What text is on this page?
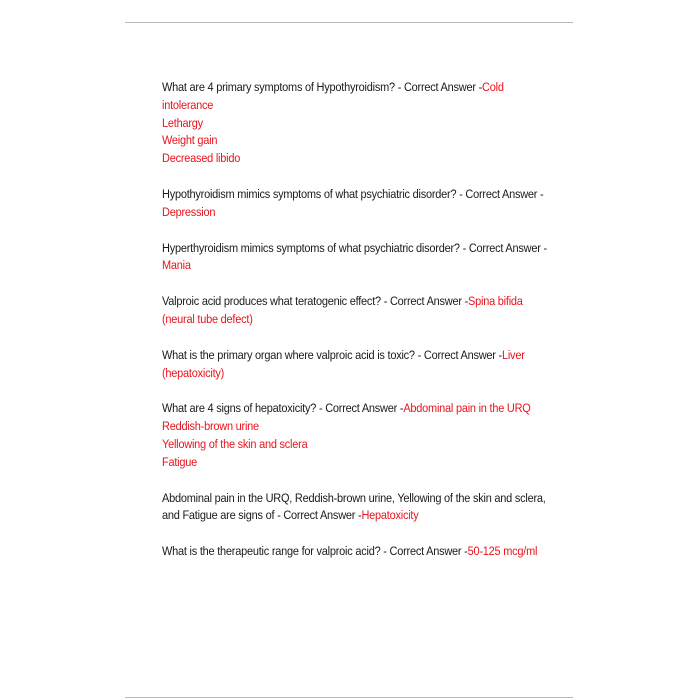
What are 4 primary symptoms of Hypothyroidism? - Correct Answer -Cold intolerance
Lethargy
Weight gain
Decreased libido

Hypothyroidism mimics symptoms of what psychiatric disorder? - Correct Answer -Depression

Hyperthyroidism mimics symptoms of what psychiatric disorder? - Correct Answer -Mania

Valproic acid produces what teratogenic effect? - Correct Answer -Spina bifida (neural tube defect)

What is the primary organ where valproic acid is toxic? - Correct Answer -Liver (hepatoxicity)

What are 4 signs of hepatoxicity? - Correct Answer -Abdominal pain in the URQ
Reddish-brown urine
Yellowing of the skin and sclera
Fatigue

Abdominal pain in the URQ, Reddish-brown urine, Yellowing of the skin and sclera, and Fatigue are signs of - Correct Answer -Hepatoxicity

What is the therapeutic range for valproic acid? - Correct Answer -50-125 mcg/ml
